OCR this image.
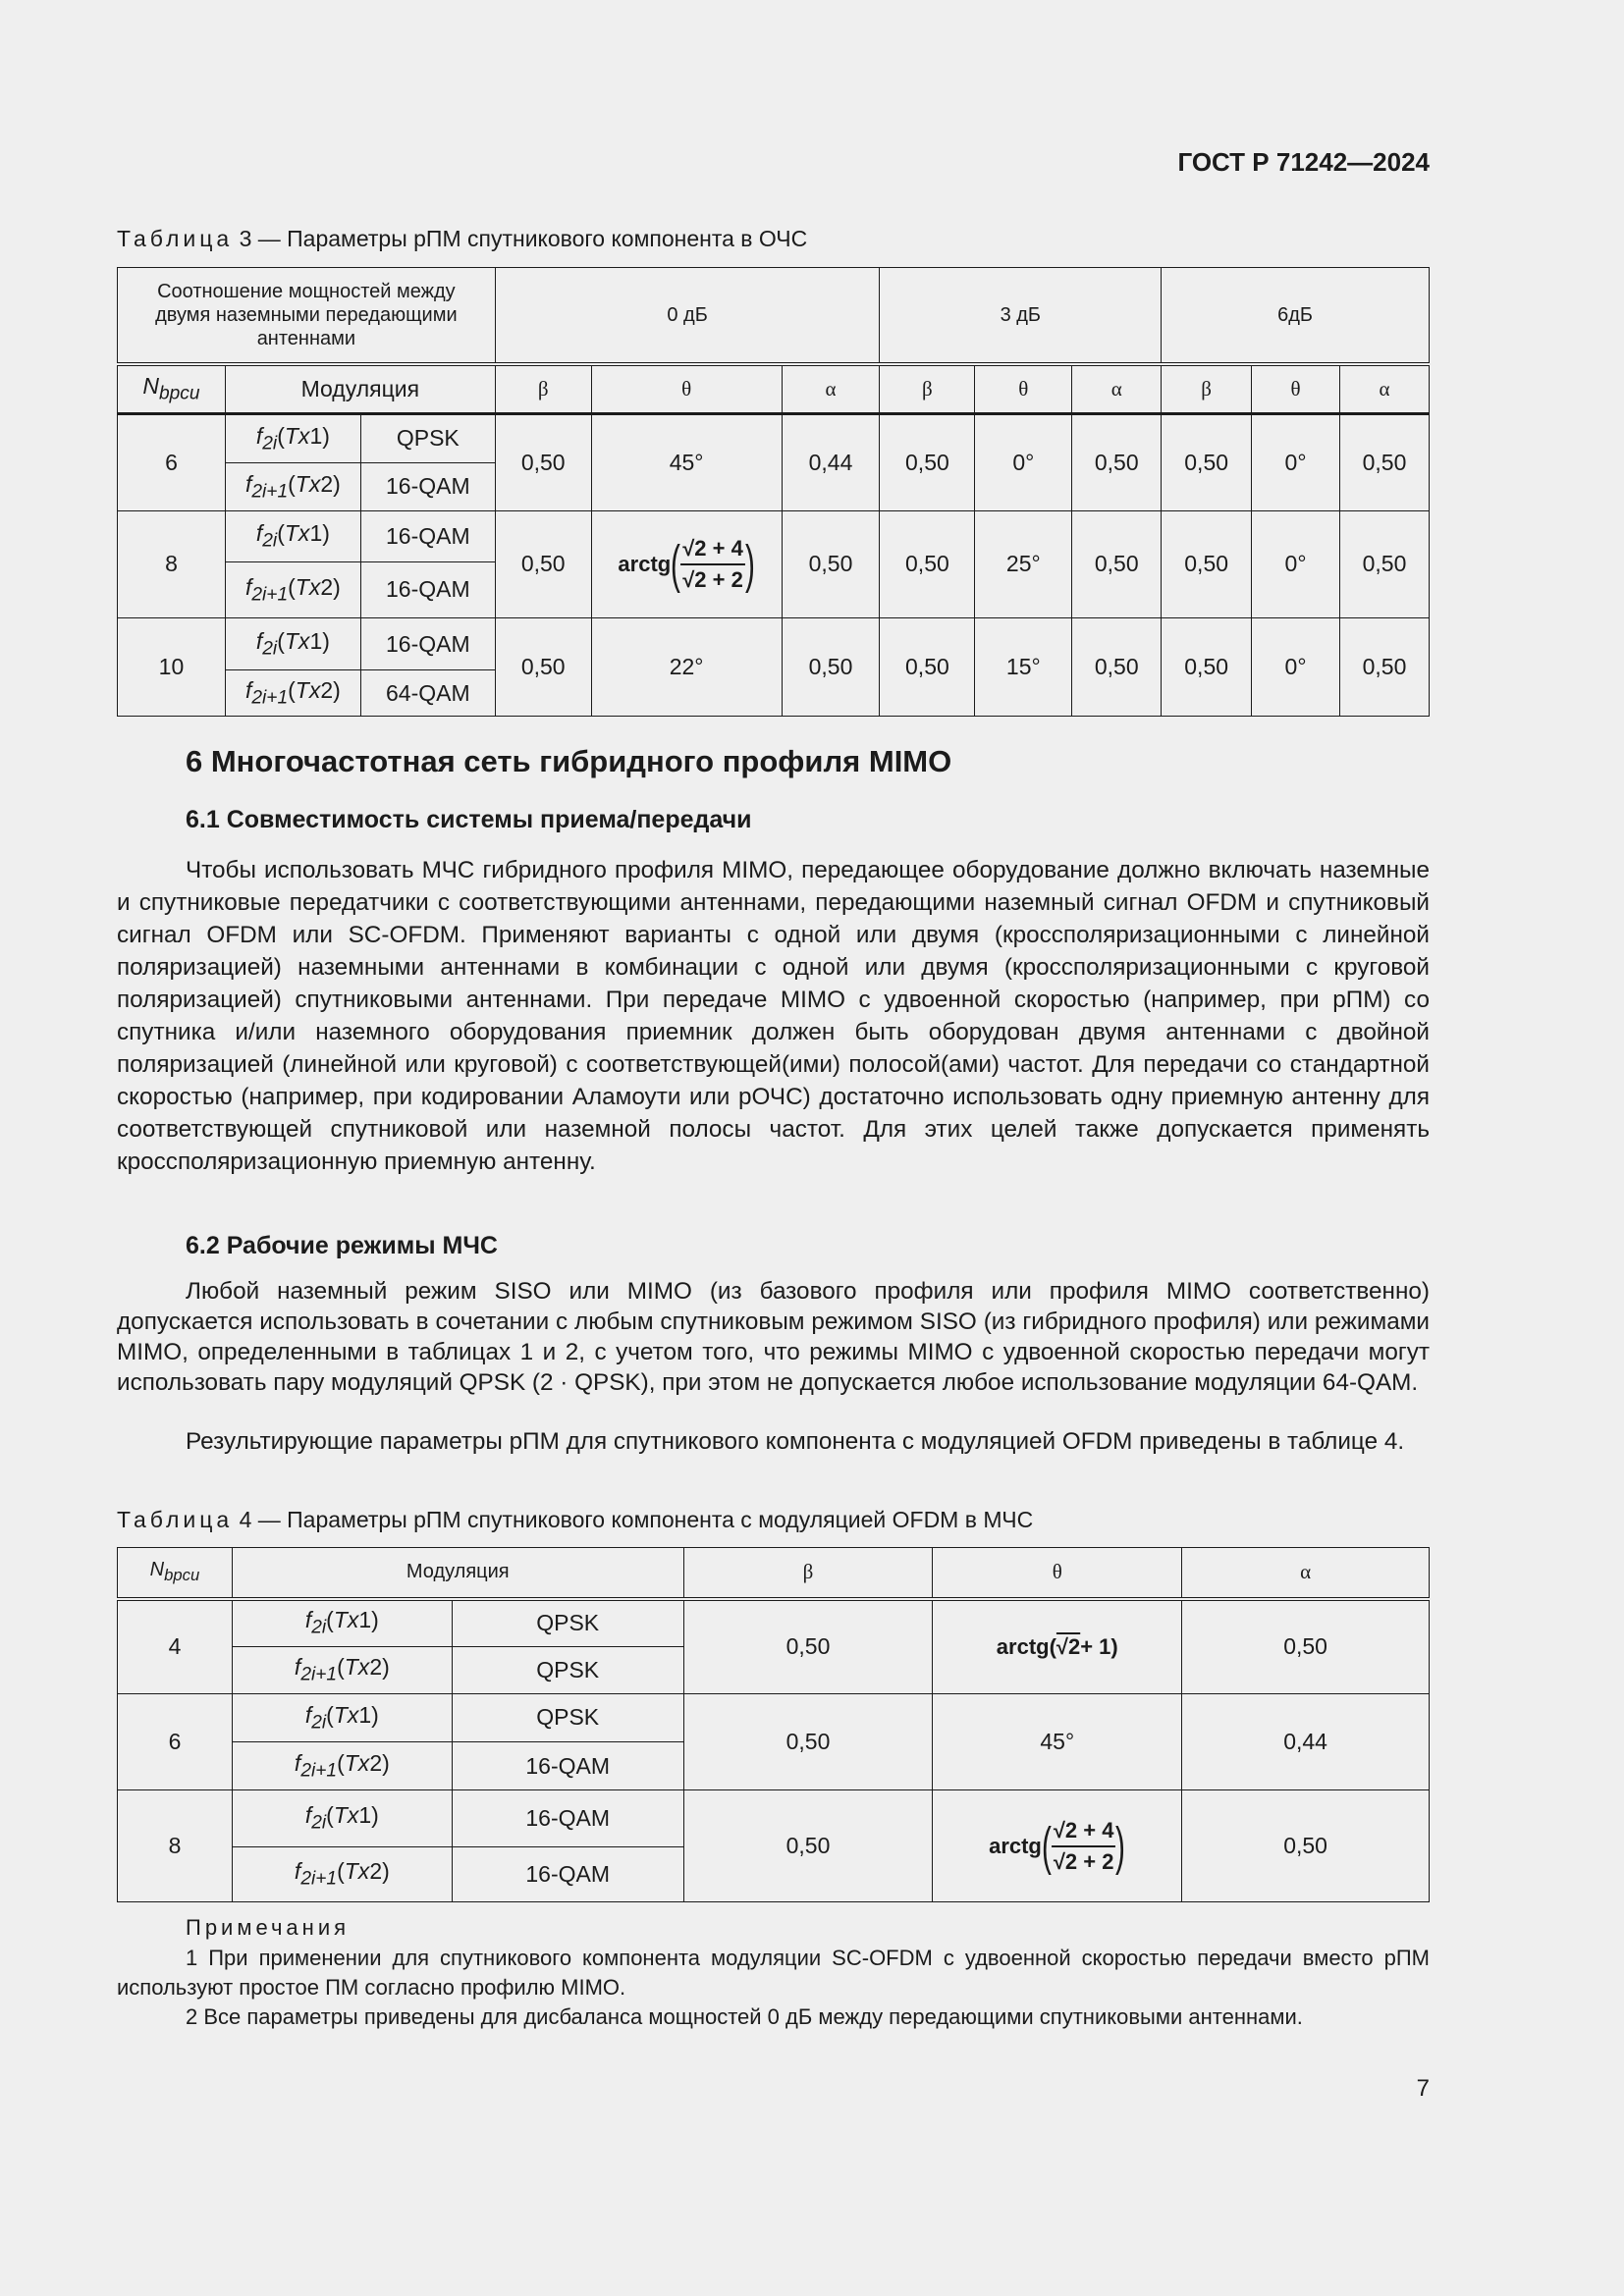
ГОСТ Р 71242—2024
Таблица 3 — Параметры рПМ спутникового компонента в ОЧС
Соотношение мощностей между двумя наземными передающими антеннами			0 дБ			3 дБ			6дБ		
$N_{bpcu}$	Модуляция		β	θ	α	β	θ	α	β	θ	α
6	$f_{2i}(Tx1)$	QPSK	0,50	45°	0,44	0,50	0°	0,50	0,50	0°	0,50
	$f_{2i+1}(Tx2)$	16-QAM									
8	$f_{2i}(Tx1)$	16-QAM	0,50	arctg ( $\frac{√2 + 4}{√2 + 2}$ )	0,50	0,50	25°	0,50	0,50	0°	0,50
	$f_{2i+1}(Tx2)$	16-QAM									
10	$f_{2i}(Tx1)$	16-QAM	0,50	22°	0,50	0,50	15°	0,50	0,50	0°	0,50
	$f_{2i+1}(Tx2)$	64-QAM									
6 Многочастотная сеть гибридного профиля MIMO
6.1 Совместимость системы приема/передачи

Чтобы использовать МЧС гибридного профиля MIMO, передающее оборудование должно включать наземные и спутниковые передатчики с соответствующими антеннами, передающими наземный сигнал OFDM и спутниковый сигнал OFDM или SC-OFDM. Применяют варианты с одной или двумя (кроссполяризационными с линейной поляризацией) наземными антеннами в комбинации с одной или двумя (кроссполяризационными с круговой поляризацией) спутниковыми антеннами. При передаче MIMO с удвоенной скоростью (например, при рПМ) со спутника и/или наземного оборудования приемник должен быть оборудован двумя антеннами с двойной поляризацией (линейной или круговой) с соответствующей(ими) полосой(ами) частот. Для передачи со стандартной скоростью (например, при кодировании Аламоути или рОЧС) достаточно использовать одну приемную антенну для соответствующей спутниковой или наземной полосы частот. Для этих целей также допускается применять кроссполяризационную приемную антенну.

6.2 Рабочие режимы МЧС

Любой наземный режим SISO или MIMO (из базового профиля или профиля MIMO соответственно) допускается использовать в сочетании с любым спутниковым режимом SISO (из гибридного профиля) или режимами MIMO, определенными в таблицах 1 и 2, с учетом того, что режимы MIMO с удвоенной скоростью передачи могут использовать пару модуляций QPSK (2 · QPSK), при этом не допускается любое использование модуляции 64-QAM.

Результирующие параметры рПМ для спутникового компонента с модуляцией OFDM приведены в таблице 4.

Таблица 4 — Параметры рПМ спутникового компонента с модуляцией OFDM в МЧС
$N_{bpcu}$	Модуляция		β	θ	α
4	$f_{2i}(Tx1)$	QPSK	0,50	arctg( √2 + 1)	0,50
	$f_{2i+1}(Tx2)$	QPSK			
6	$f_{2i}(Tx1)$	QPSK	0,50	45°	0,44
	$f_{2i+1}(Tx2)$	16-QAM			
8	$f_{2i}(Tx1)$	16-QAM	0,50	arctg ( $\frac{√2 + 4}{√2 + 2}$ )	0,50
	$f_{2i+1}(Tx2)$	16-QAM			
Примечания

1 При применении для спутникового компонента модуляции SC-OFDM с удвоенной скоростью передачи вместо рПМ используют простое ПМ согласно профилю MIMO.

2 Все параметры приведены для дисбаланса мощностей 0 дБ между передающими спутниковыми антеннами.

7
